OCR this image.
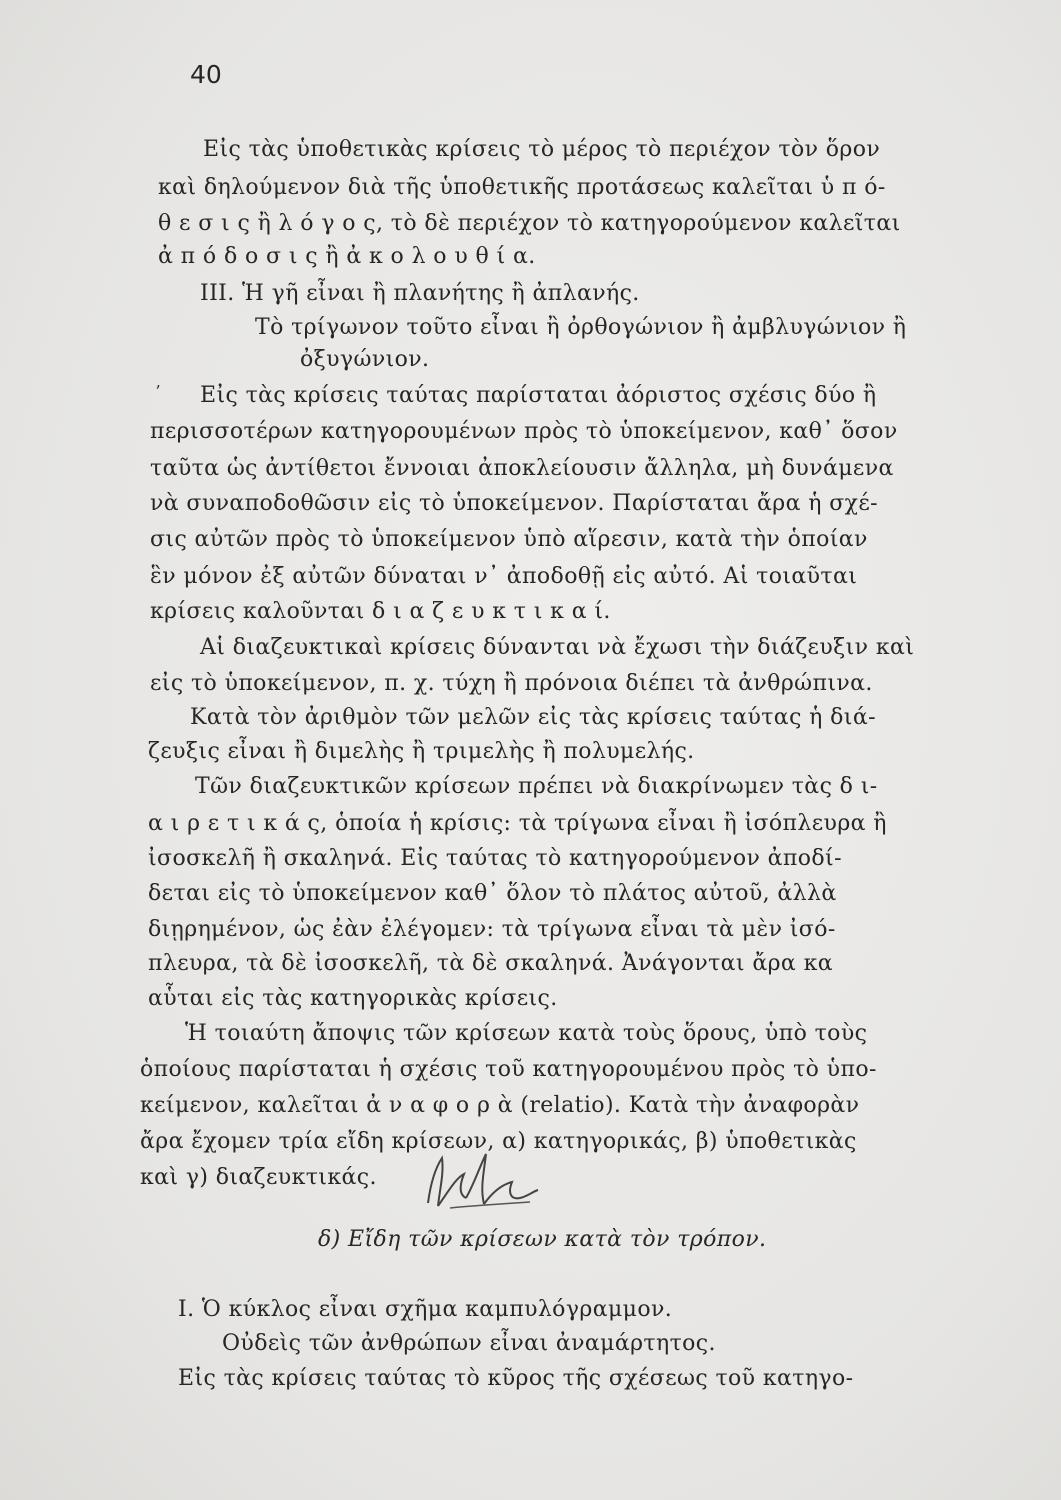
40
Εἰς τὰς ὑποθετικὰς κρίσεις τὸ μέρος τὸ περιέχον τὸν ὅρον
καὶ δηλούμενον διὰ τῆς ὑποθετικῆς προτάσεως καλεῖται ὑ π ό-
θ ε σ ι ς ἢ λ ό γ ο ς, τὸ δὲ περιέχον τὸ κατηγορούμενον καλεῖται
ἀ π ό δ ο σ ι ς ἢ ἀ κ ο λ ο υ θ ί α.
III. Ἡ γῆ εἶναι ἢ πλανήτης ἢ ἀπλανής.
Τὸ τρίγωνον τοῦτο εἶναι ἢ ὀρθογώνιον ἢ ἀμβλυγώνιον ἢ
ὀξυγώνιον.
ʼ Εἰς τὰς κρίσεις ταύτας παρίσταται ἀόριστος σχέσις δύο ἢ
περισσοτέρων κατηγορουμένων πρὸς τὸ ὑποκείμενον, καθ᾽ ὅσον
ταῦτα ὡς ἀντίθετοι ἔννοιαι ἀποκλείουσιν ἄλληλα, μὴ δυνάμενα
νὰ συναποδοθῶσιν εἰς τὸ ὑποκείμενον. Παρίσταται ἄρα ἡ σχέ-
σις αὐτῶν πρὸς τὸ ὑποκείμενον ὑπὸ αἵρεσιν, κατὰ τὴν ὁποίαν
ἓν μόνον ἐξ αὐτῶν δύναται ν᾽ ἀποδοθῇ εἰς αὐτό. Αἱ τοιαῦται
κρίσεις καλοῦνται δ ι α ζ ε υ κ τ ι κ α ί.
Αἱ διαζευκτικαὶ κρίσεις δύνανται νὰ ἔχωσι τὴν διάζευξιν καὶ
εἰς τὸ ὑποκείμενον, π. χ. τύχη ἢ πρόνοια διέπει τὰ ἀνθρώπινα.
Κατὰ τὸν ἀριθμὸν τῶν μελῶν εἰς τὰς κρίσεις ταύτας ἡ διά-
ζευξις εἶναι ἢ διμελὴς ἢ τριμελὴς ἢ πολυμελής.
Τῶν διαζευκτικῶν κρίσεων πρέπει νὰ διακρίνωμεν τὰς δ ι-
α ι ρ ε τ ι κ ά ς, ὁποία ἡ κρίσις: τὰ τρίγωνα εἶναι ἢ ἰσόπλευρα ἢ
ἰσοσκελῆ ἢ σκαληνά. Εἰς ταύτας τὸ κατηγορούμενον ἀποδί-
δεται εἰς τὸ ὑποκείμενον καθ᾽ ὅλον τὸ πλάτος αὐτοῦ, ἀλλὰ
διῃρημένον, ὡς ἐὰν ἐλέγομεν: τὰ τρίγωνα εἶναι τὰ μὲν ἰσό-
πλευρα, τὰ δὲ ἰσοσκελῆ, τὰ δὲ σκαληνά. Ἀνάγονται ἄρα κα
αὗται εἰς τὰς κατηγορικὰς κρίσεις.
Ἡ τοιαύτη ἄποψις τῶν κρίσεων κατὰ τοὺς ὅρους, ὑπὸ τοὺς
ὁποίους παρίσταται ἡ σχέσις τοῦ κατηγορουμένου πρὸς τὸ ὑπο-
κείμενον, καλεῖται ἀ ν α φ ο ρ ὰ (relatio). Κατὰ τὴν ἀναφορὰν
ἄρα ἔχομεν τρία εἴδη κρίσεων, α) κατηγορικάς, β) ὑποθετικὰς
καὶ γ) διαζευκτικάς.
δ) Εἴδη τῶν κρίσεων κατὰ τὸν τρόπον.
I. Ὁ κύκλος εἶναι σχῆμα καμπυλόγραμμον.
Οὐδεὶς τῶν ἀνθρώπων εἶναι ἀναμάρτητος.
Εἰς τὰς κρίσεις ταύτας τὸ κῦρος τῆς σχέσεως τοῦ κατηγο-
